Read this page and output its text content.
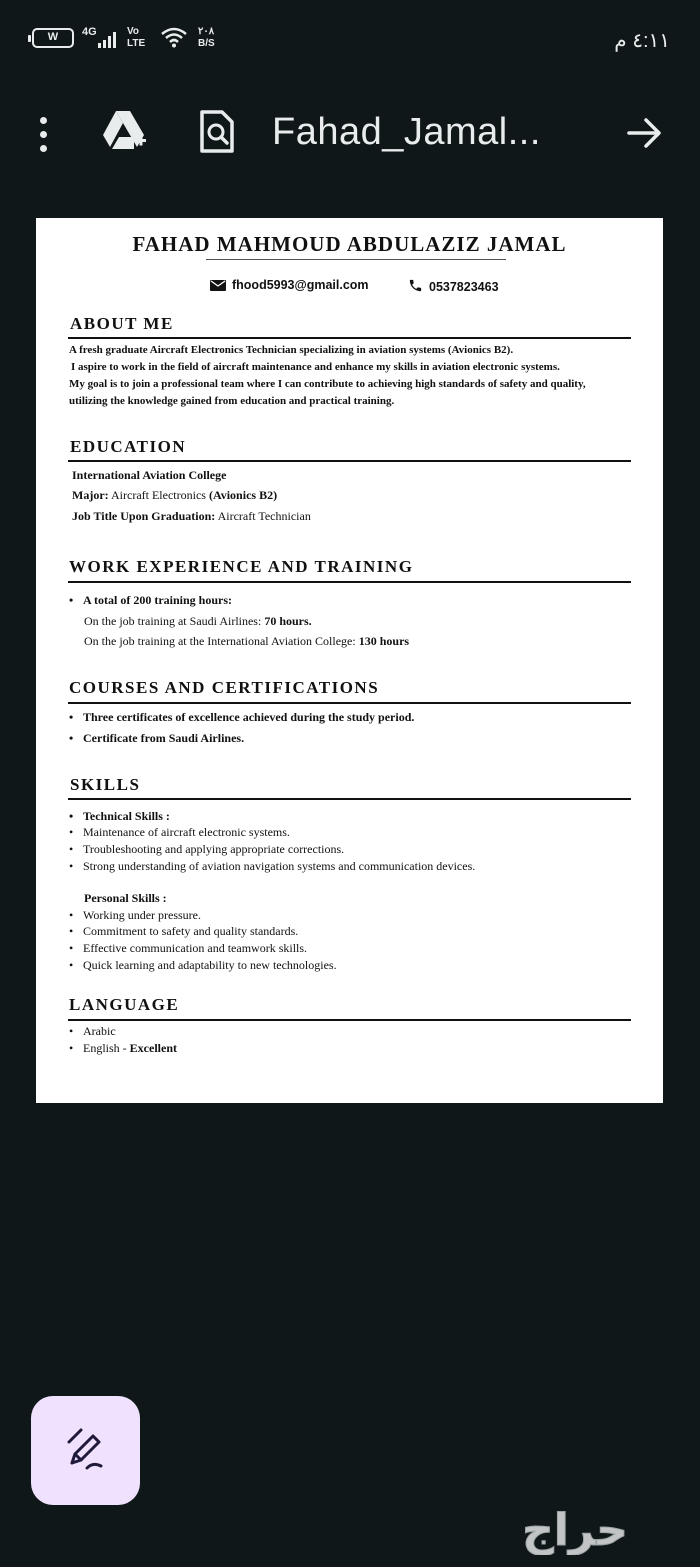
W	4G	Vo
LTE
٢٠٨
B/S	٤:١١ م
Fahad_Jamal...
FAHAD MAHMOUD ABDULAZIZ JAMAL
fhood5993@gmail.com	0537823463
ABOUT ME
A fresh graduate Aircraft Electronics Technician specializing in aviation systems (Avionics B2).
I aspire to work in the field of aircraft maintenance and enhance my skills in aviation electronic systems.
My goal is to join a professional team where I can contribute to achieving high standards of safety and quality,
utilizing the knowledge gained from education and practical training.
EDUCATION
International Aviation College
Major: Aircraft Electronics (Avionics B2)
Job Title Upon Graduation: Aircraft Technician
WORK EXPERIENCE AND TRAINING
• A total of 200 training hours:
On the job training at Saudi Airlines: 70 hours.
On the job training at the International Aviation College: 130 hours
COURSES AND CERTIFICATIONS
• Three certificates of excellence achieved during the study period.
• Certificate from Saudi Airlines.
SKILLS
• Technical Skills :
• Maintenance of aircraft electronic systems.
• Troubleshooting and applying appropriate corrections.
• Strong understanding of aviation navigation systems and communication devices.
Personal Skills :
• Working under pressure.
• Commitment to safety and quality standards.
• Effective communication and teamwork skills.
• Quick learning and adaptability to new technologies.
LANGUAGE
• Arabic
• English - Excellent
حراج
